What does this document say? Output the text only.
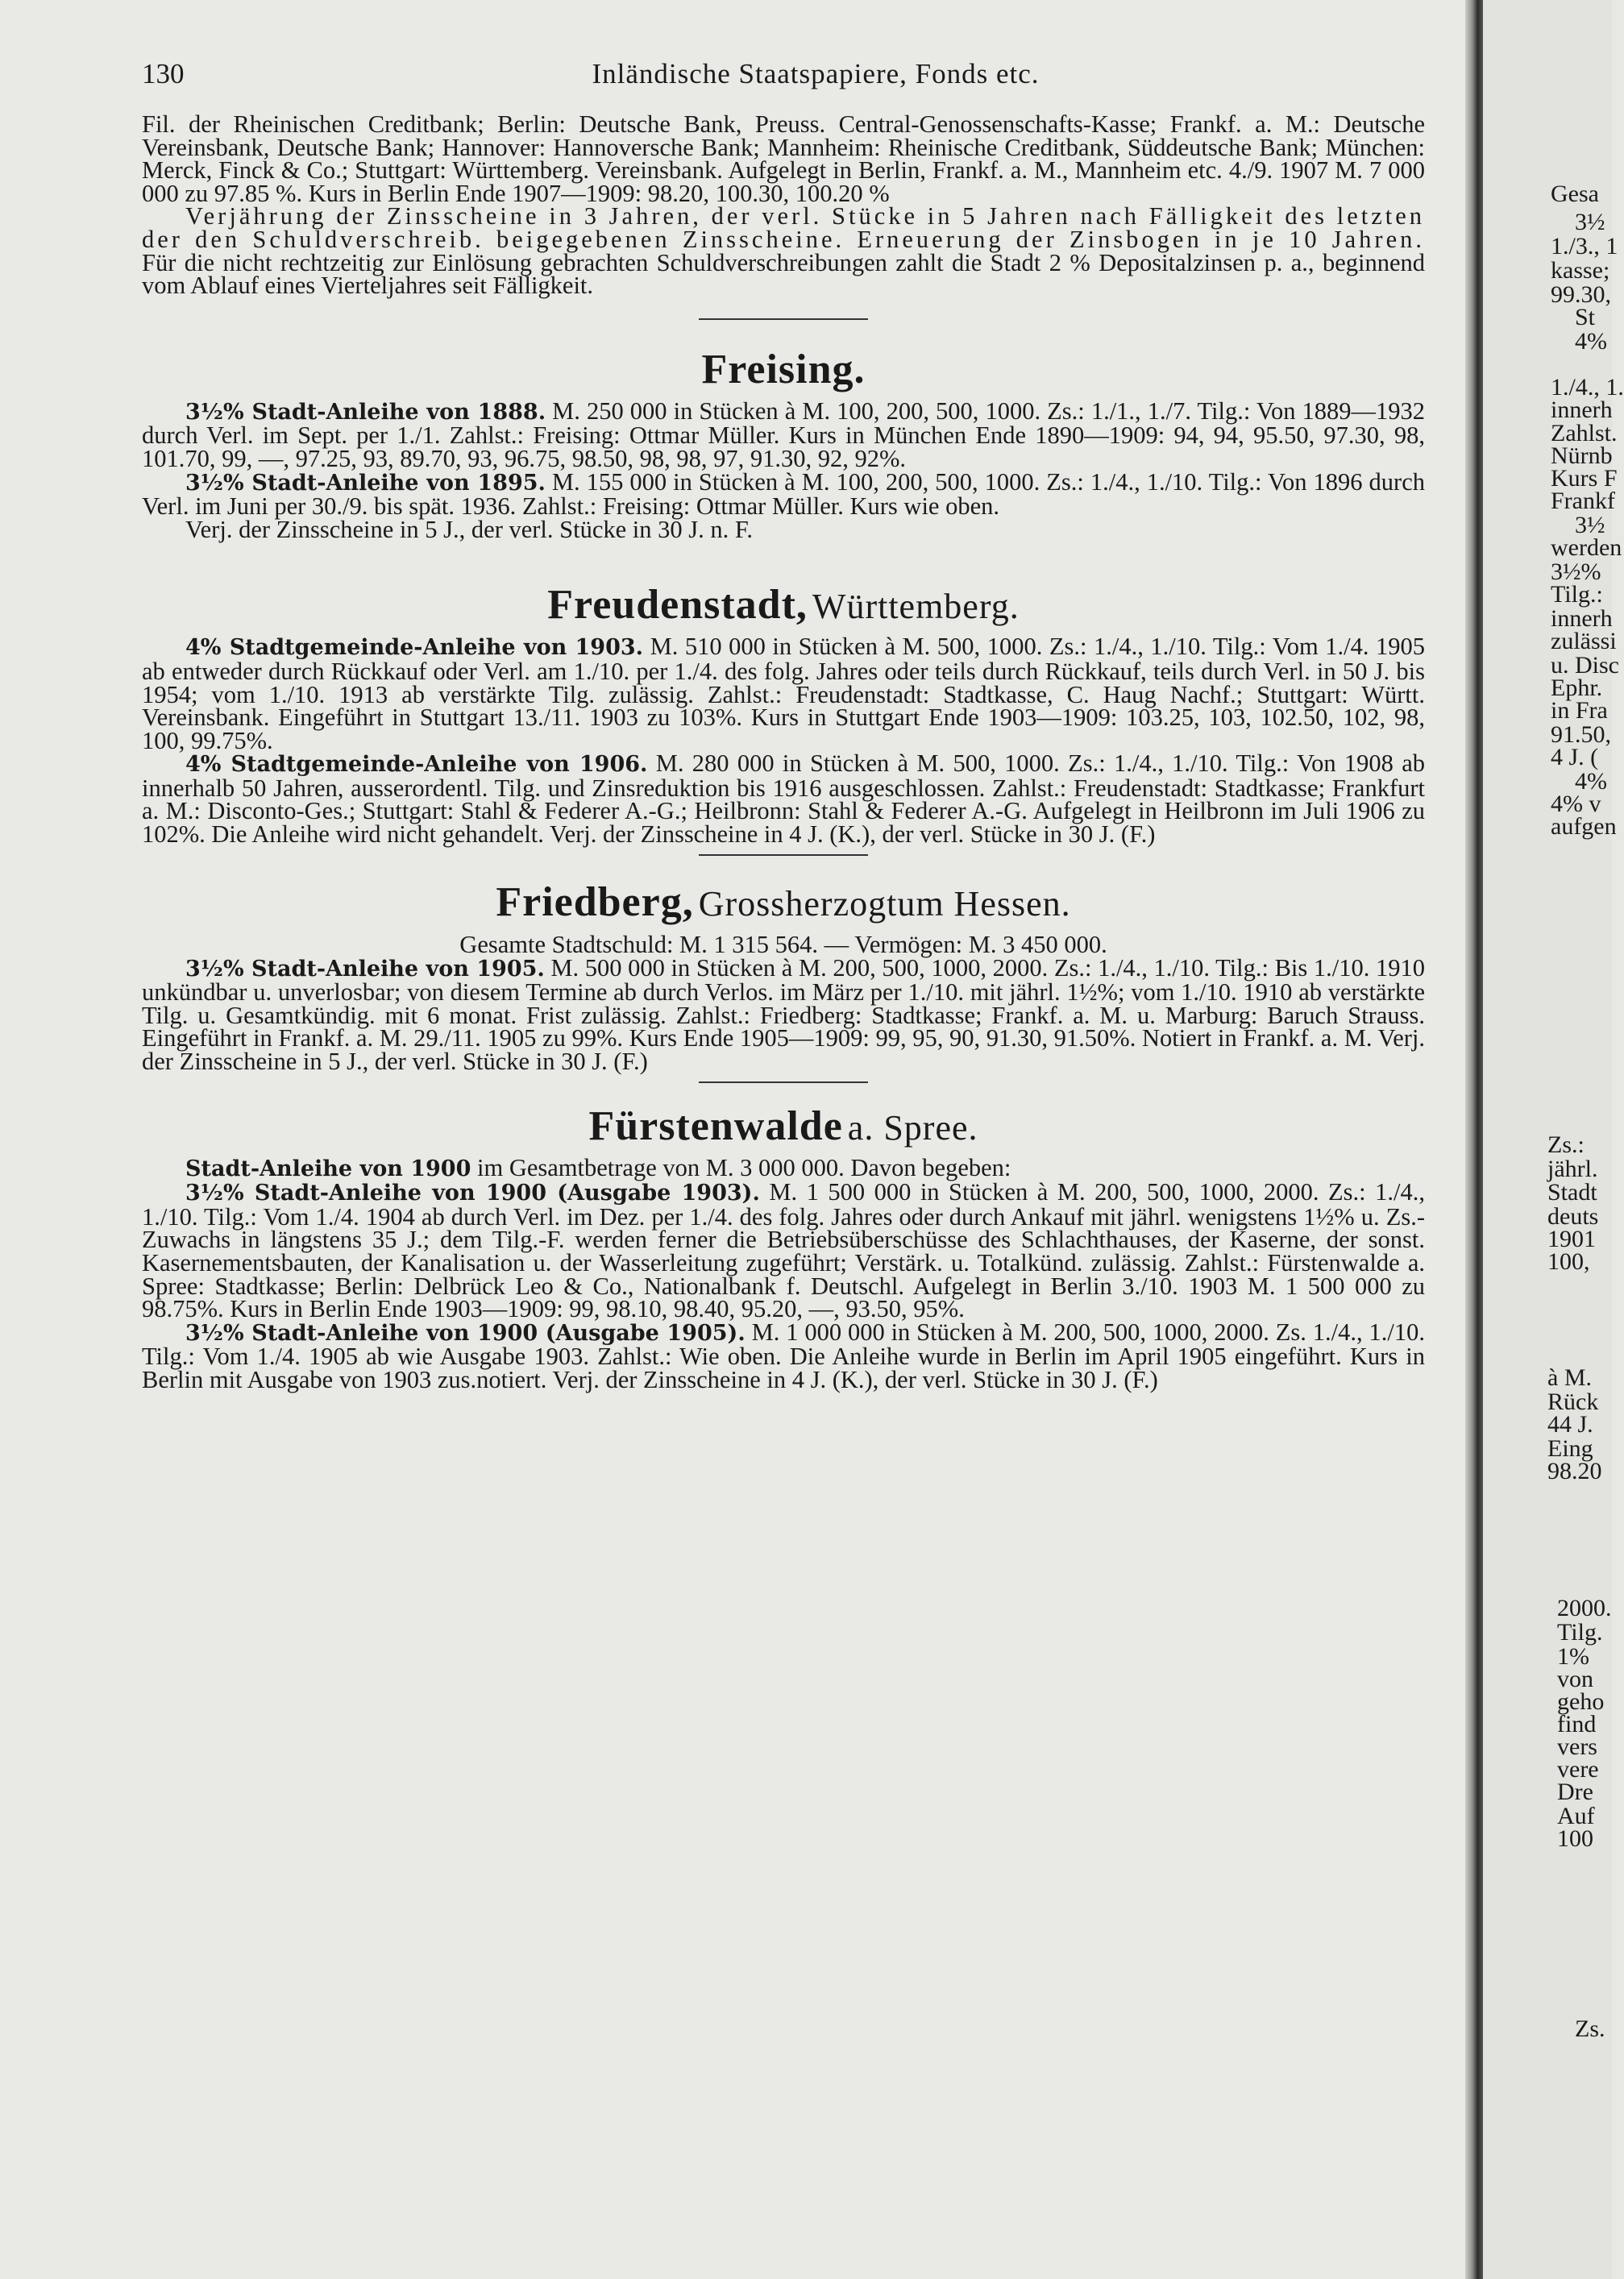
130	Inländische Staatspapiere, Fonds etc.

Fil. der Rheinischen Creditbank; Berlin: Deutsche Bank, Preuss. Central-Genossenschafts-Kasse; Frankf. a. M.: Deutsche Vereinsbank, Deutsche Bank; Hannover: Hannoversche Bank; Mannheim: Rheinische Creditbank, Süddeutsche Bank; München: Merck, Finck & Co.; Stuttgart: Württemberg. Vereinsbank. Aufgelegt in Berlin, Frankf. a. M., Mannheim etc. 4./9. 1907 M. 7 000 000 zu 97.85 %. Kurs in Berlin Ende 1907—1909: 98.20, 100.30, 100.20 %

Verjährung der Zinsscheine in 3 Jahren, der verl. Stücke in 5 Jahren nach Fälligkeit des letzten der den Schuldverschreib. beigegebenen Zinsscheine. Erneuerung der Zinsbogen in je 10 Jahren. Für die nicht rechtzeitig zur Einlösung gebrachten Schuldverschreibungen zahlt die Stadt 2 % Depositalzinsen p. a., beginnend vom Ablauf eines Vierteljahres seit Fälligkeit.

Freising.

3½% Stadt-Anleihe von 1888. M. 250 000 in Stücken à M. 100, 200, 500, 1000. Zs.: 1./1., 1./7. Tilg.: Von 1889—1932 durch Verl. im Sept. per 1./1. Zahlst.: Freising: Ottmar Müller. Kurs in München Ende 1890—1909: 94, 94, 95.50, 97.30, 98, 101.70, 99, —, 97.25, 93, 89.70, 93, 96.75, 98.50, 98, 98, 97, 91.30, 92, 92%.

3½% Stadt-Anleihe von 1895. M. 155 000 in Stücken à M. 100, 200, 500, 1000. Zs.: 1./4., 1./10. Tilg.: Von 1896 durch Verl. im Juni per 30./9. bis spät. 1936. Zahlst.: Freising: Ottmar Müller. Kurs wie oben.

Verj. der Zinsscheine in 5 J., der verl. Stücke in 30 J. n. F.

Freudenstadt, Württemberg.

4% Stadtgemeinde-Anleihe von 1903. M. 510 000 in Stücken à M. 500, 1000. Zs.: 1./4., 1./10. Tilg.: Vom 1./4. 1905 ab entweder durch Rückkauf oder Verl. am 1./10. per 1./4. des folg. Jahres oder teils durch Rückkauf, teils durch Verl. in 50 J. bis 1954; vom 1./10. 1913 ab verstärkte Tilg. zulässig. Zahlst.: Freudenstadt: Stadtkasse, C. Haug Nachf.; Stuttgart: Württ. Vereinsbank. Eingeführt in Stuttgart 13./11. 1903 zu 103%. Kurs in Stuttgart Ende 1903—1909: 103.25, 103, 102.50, 102, 98, 100, 99.75%.

4% Stadtgemeinde-Anleihe von 1906. M. 280 000 in Stücken à M. 500, 1000. Zs.: 1./4., 1./10. Tilg.: Von 1908 ab innerhalb 50 Jahren, ausserordentl. Tilg. und Zinsreduktion bis 1916 ausgeschlossen. Zahlst.: Freudenstadt: Stadtkasse; Frankfurt a. M.: Disconto-Ges.; Stuttgart: Stahl & Federer A.-G.; Heilbronn: Stahl & Federer A.-G. Aufgelegt in Heilbronn im Juli 1906 zu 102%. Die Anleihe wird nicht gehandelt. Verj. der Zinsscheine in 4 J. (K.), der verl. Stücke in 30 J. (F.)

Friedberg, Grossherzogtum Hessen.
Gesamte Stadtschuld: M. 1 315 564. — Vermögen: M. 3 450 000.

3½% Stadt-Anleihe von 1905. M. 500 000 in Stücken à M. 200, 500, 1000, 2000. Zs.: 1./4., 1./10. Tilg.: Bis 1./10. 1910 unkündbar u. unverlosbar; von diesem Termine ab durch Verlos. im März per 1./10. mit jährl. 1½%; vom 1./10. 1910 ab verstärkte Tilg. u. Gesamtkündig. mit 6 monat. Frist zulässig. Zahlst.: Friedberg: Stadtkasse; Frankf. a. M. u. Marburg: Baruch Strauss. Eingeführt in Frankf. a. M. 29./11. 1905 zu 99%. Kurs Ende 1905—1909: 99, 95, 90, 91.30, 91.50%. Notiert in Frankf. a. M. Verj. der Zinsscheine in 5 J., der verl. Stücke in 30 J. (F.)

Fürstenwalde a. Spree.

Stadt-Anleihe von 1900 im Gesamtbetrage von M. 3 000 000. Davon begeben:

3½% Stadt-Anleihe von 1900 (Ausgabe 1903). M. 1 500 000 in Stücken à M. 200, 500, 1000, 2000. Zs.: 1./4., 1./10. Tilg.: Vom 1./4. 1904 ab durch Verl. im Dez. per 1./4. des folg. Jahres oder durch Ankauf mit jährl. wenigstens 1½% u. Zs.-Zuwachs in längstens 35 J.; dem Tilg.-F. werden ferner die Betriebsüberschüsse des Schlachthauses, der Kaserne, der sonst. Kasernementsbauten, der Kanalisation u. der Wasserleitung zugeführt; Verstärk. u. Totalkünd. zulässig. Zahlst.: Fürstenwalde a. Spree: Stadtkasse; Berlin: Delbrück Leo & Co., Nationalbank f. Deutschl. Aufgelegt in Berlin 3./10. 1903 M. 1 500 000 zu 98.75%. Kurs in Berlin Ende 1903—1909: 99, 98.10, 98.40, 95.20, —, 93.50, 95%.

3½% Stadt-Anleihe von 1900 (Ausgabe 1905). M. 1 000 000 in Stücken à M. 200, 500, 1000, 2000. Zs. 1./4., 1./10. Tilg.: Vom 1./4. 1905 ab wie Ausgabe 1903. Zahlst.: Wie oben. Die Anleihe wurde in Berlin im April 1905 eingeführt. Kurs in Berlin mit Ausgabe von 1903 zus.notiert. Verj. der Zinsscheine in 4 J. (K.), der verl. Stücke in 30 J. (F.)

Gesa
3½
1./3., 1
kasse;
99.30,
St
4%
1./4., 1.
innerh
Zahlst.
Nürnb
Kurs F
Frankf
3½
werden
3½%
Tilg.:
innerh
zulässi
u. Disc
Ephr.
in Fra
91.50,
4 J. (
4%
4% v
aufgen
Zs.:
jährl.
Stadt
deuts
1901
100,
à M.
Rück
44 J.
Eing
98.20
2000.
Tilg.
1%
von
geho
find
vers
vere
Dre
Auf
100
Zs.
